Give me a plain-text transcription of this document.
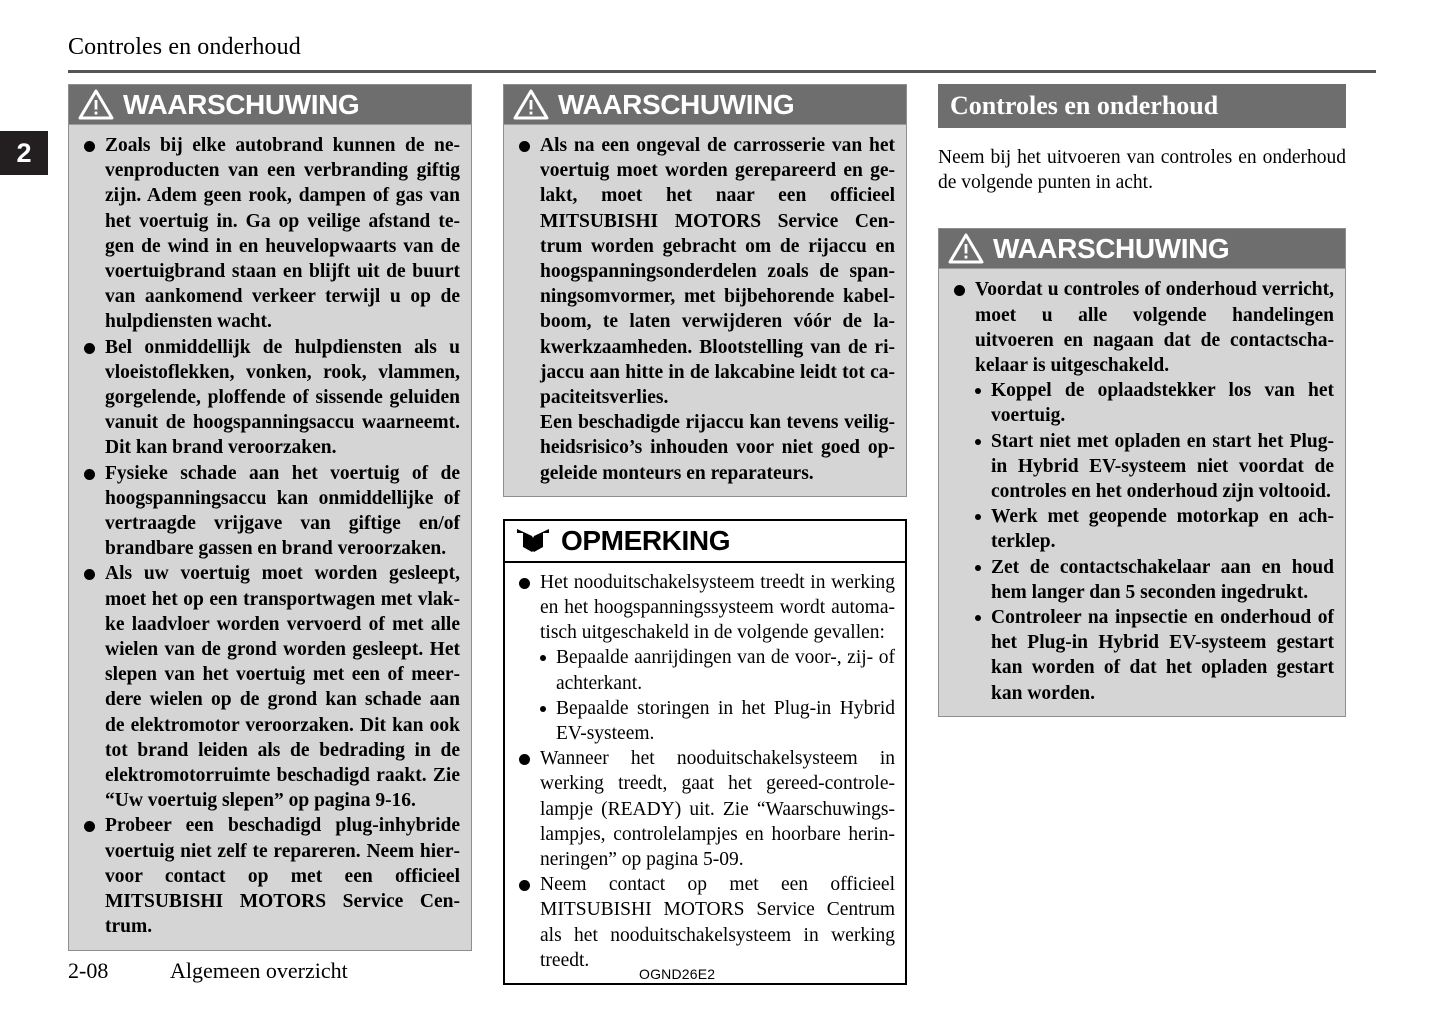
2
Controles en onderhoud
WAARSCHUWING
Zoals bij elke autobrand kunnen de nevenproducten van een verbranding giftig zijn. Adem geen rook, dampen of gas van het voertuig in. Ga op veilige afstand tegen de wind in en heuvelopwaarts van de voertuigbrand staan en blijft uit de buurt van aankomend verkeer terwijl u op de hulpdiensten wacht.
Bel onmiddellijk de hulpdiensten als u vloeistoflekken, vonken, rook, vlammen, gorgelende, ploffende of sissende geluiden vanuit de hoogspanningsaccu waarneemt. Dit kan brand veroorzaken.
Fysieke schade aan het voertuig of de hoogspanningsaccu kan onmiddellijke of vertraagde vrijgave van giftige en/of brandbare gassen en brand veroorzaken.
Als uw voertuig moet worden gesleept, moet het op een transportwagen met vlakke laadvloer worden vervoerd of met alle wielen van de grond worden gesleept. Het slepen van het voertuig met een of meerdere wielen op de grond kan schade aan de elektromotor veroorzaken. Dit kan ook tot brand leiden als de bedrading in de elektromotorruimte beschadigd raakt. Zie “Uw voertuig slepen” op pagina 9-16.
Probeer een beschadigd plug-inhybride voertuig niet zelf te repareren. Neem hiervoor contact op met een officieel MITSUBISHI MOTORS Service Centrum.
WAARSCHUWING
Als na een ongeval de carrosserie van het voertuig moet worden gerepareerd en gelakt, moet het naar een officieel MITSUBISHI MOTORS Service Centrum worden gebracht om de rijaccu en hoogspanningsonderdelen zoals de spanningsomvormer, met bijbehorende kabelboom, te laten verwijderen vóór de lakwerkzaamheden. Blootstelling van de rijaccu aan hitte in de lakcabine leidt tot capaciteitsverlies.
Een beschadigde rijaccu kan tevens veiligheidsrisico’s inhouden voor niet goed opgeleide monteurs en reparateurs.
OPMERKING
Het nooduitschakelsysteem treedt in werking en het hoogspanningssysteem wordt automatisch uitgeschakeld in de volgende gevallen:
Bepaalde aanrijdingen van de voor-, zij- of achterkant.
Bepaalde storingen in het Plug-in Hybrid EV-systeem.
Wanneer het nooduitschakelsysteem in werking treedt, gaat het gereed-controlelampje (READY) uit. Zie “Waarschuwingslampjes, controlelampjes en hoorbare herinneringen” op pagina 5-09.
Neem contact op met een officieel MITSUBISHI MOTORS Service Centrum als het nooduitschakelsysteem in werking treedt.
Controles en onderhoud
Neem bij het uitvoeren van controles en onderhoud de volgende punten in acht.
WAARSCHUWING
Voordat u controles of onderhoud verricht, moet u alle volgende handelingen uitvoeren en nagaan dat de contactschakelaar is uitgeschakeld.
Koppel de oplaadstekker los van het voertuig.
Start niet met opladen en start het Plug-in Hybrid EV-systeem niet voordat de controles en het onderhoud zijn voltooid.
Werk met geopende motorkap en achterklep.
Zet de contactschakelaar aan en houd hem langer dan 5 seconden ingedrukt.
Controleer na inpsectie en onderhoud of het Plug-in Hybrid EV-systeem gestart kan worden of dat het opladen gestart kan worden.
2-08	Algemeen overzicht	OGND26E2
